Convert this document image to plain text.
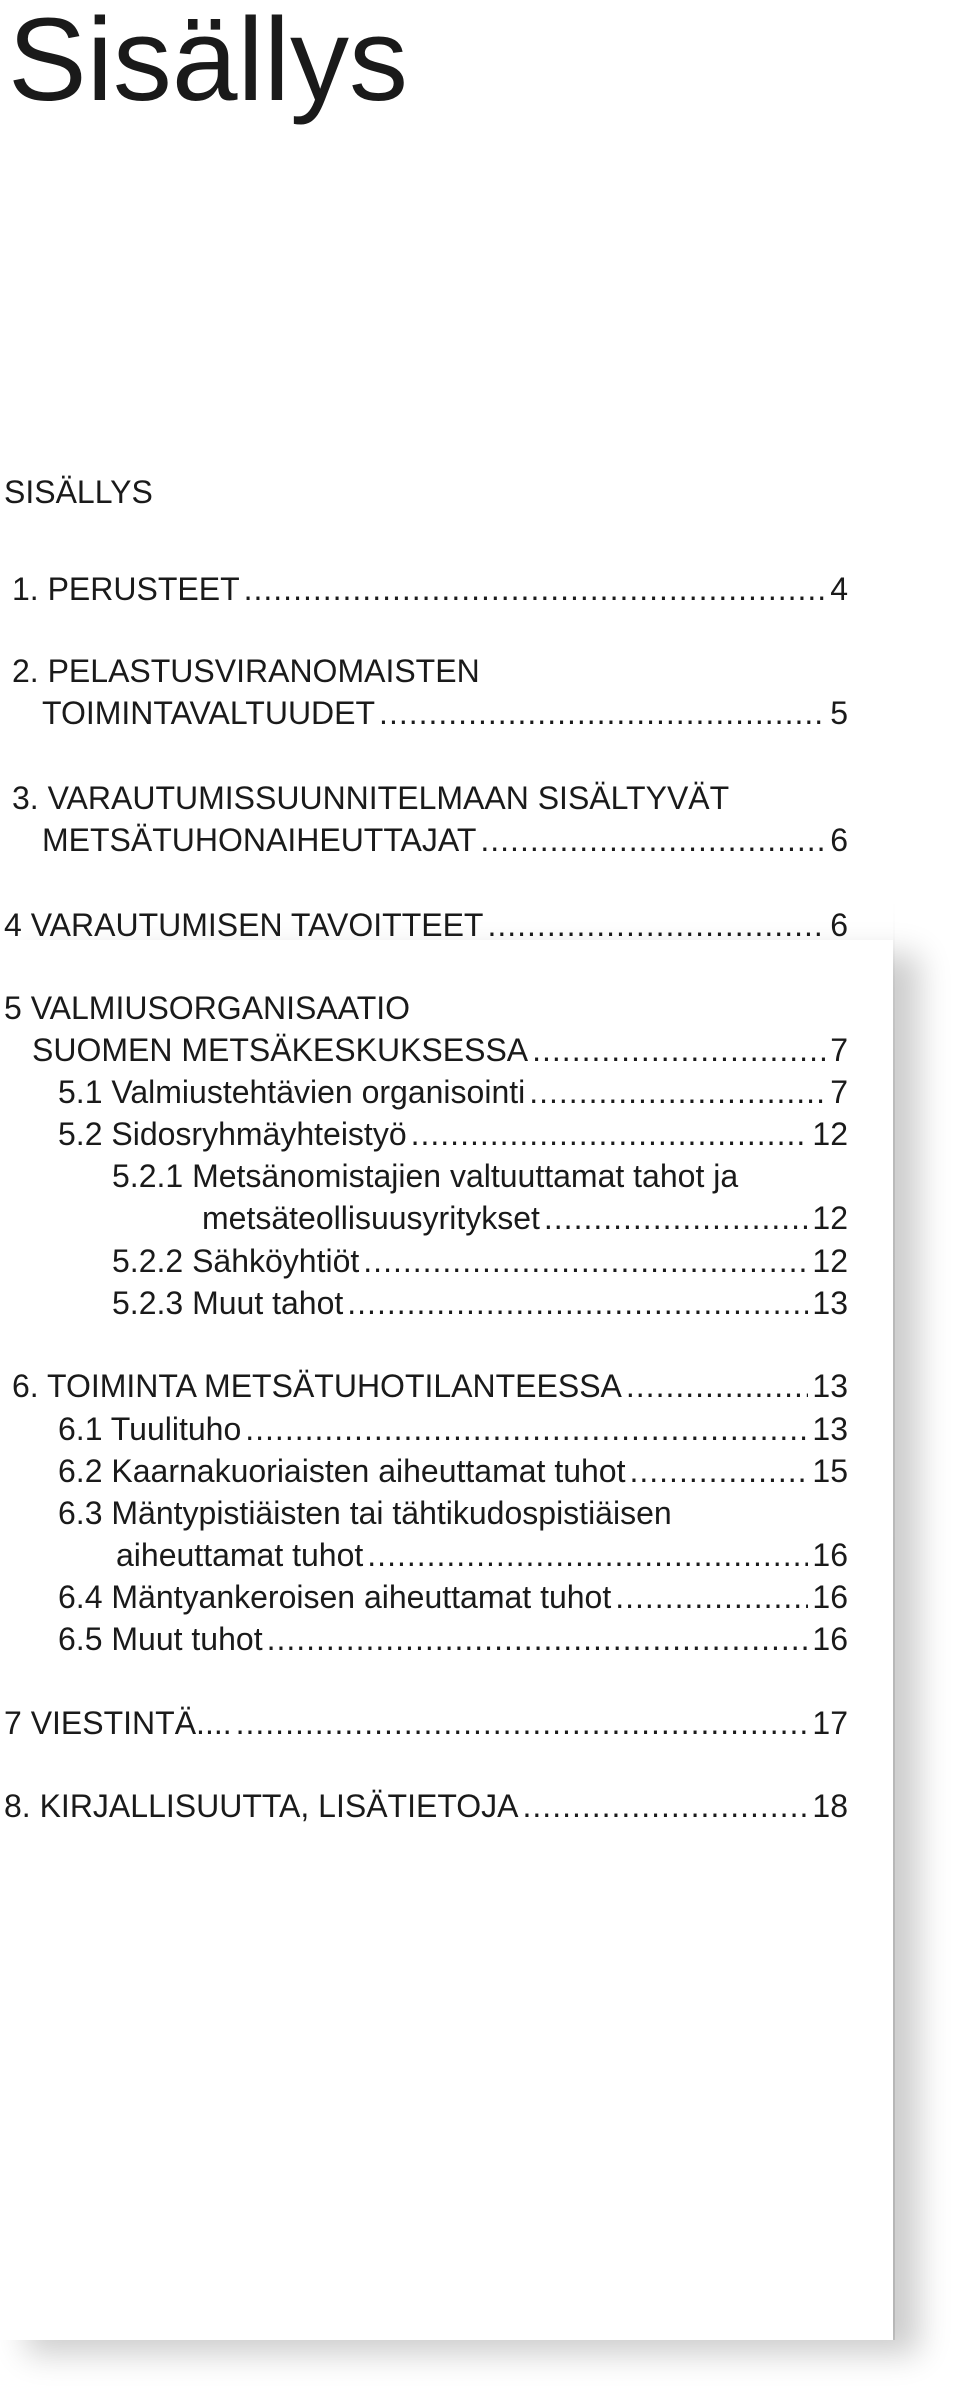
Sisällys
SISÄLLYS
1. PERUSTEET .....	4
2. PELASTUSVIRANOMAISTEN
TOIMINTAVALTUUDET .....	5
3. VARAUTUMISSUUNNITELMAAN SISÄLTYVÄT
METSÄTUHONAIHEUTTAJAT .....	6
4 VARAUTUMISEN TAVOITTEET .....	6
5 VALMIUSORGANISAATIO
SUOMEN METSÄKESKUKSESSA .....	7
5.1 Valmiustehtävien organisointi .....	7
5.2 Sidosryhmäyhteistyö .....	12
5.2.1 Metsänomistajien valtuuttamat tahot ja
metsäteollisuusyritykset .....	12
5.2.2 Sähköyhtiöt .....	12
5.2.3 Muut tahot .....	13
6. TOIMINTA METSÄTUHOTILANTEESSA .....	13
6.1 Tuulituho .....	13
6.2 Kaarnakuoriaisten aiheuttamat tuhot .....	15
6.3 Mäntypistiäisten tai tähtikudospistiäisen
aiheuttamat tuhot .....	16
6.4 Mäntyankeroisen aiheuttamat tuhot .....	16
6.5 Muut tuhot .....	16
7 VIESTINTÄ.... .....	17
8. KIRJALLISUUTTA, LISÄTIETOJA .....	18
